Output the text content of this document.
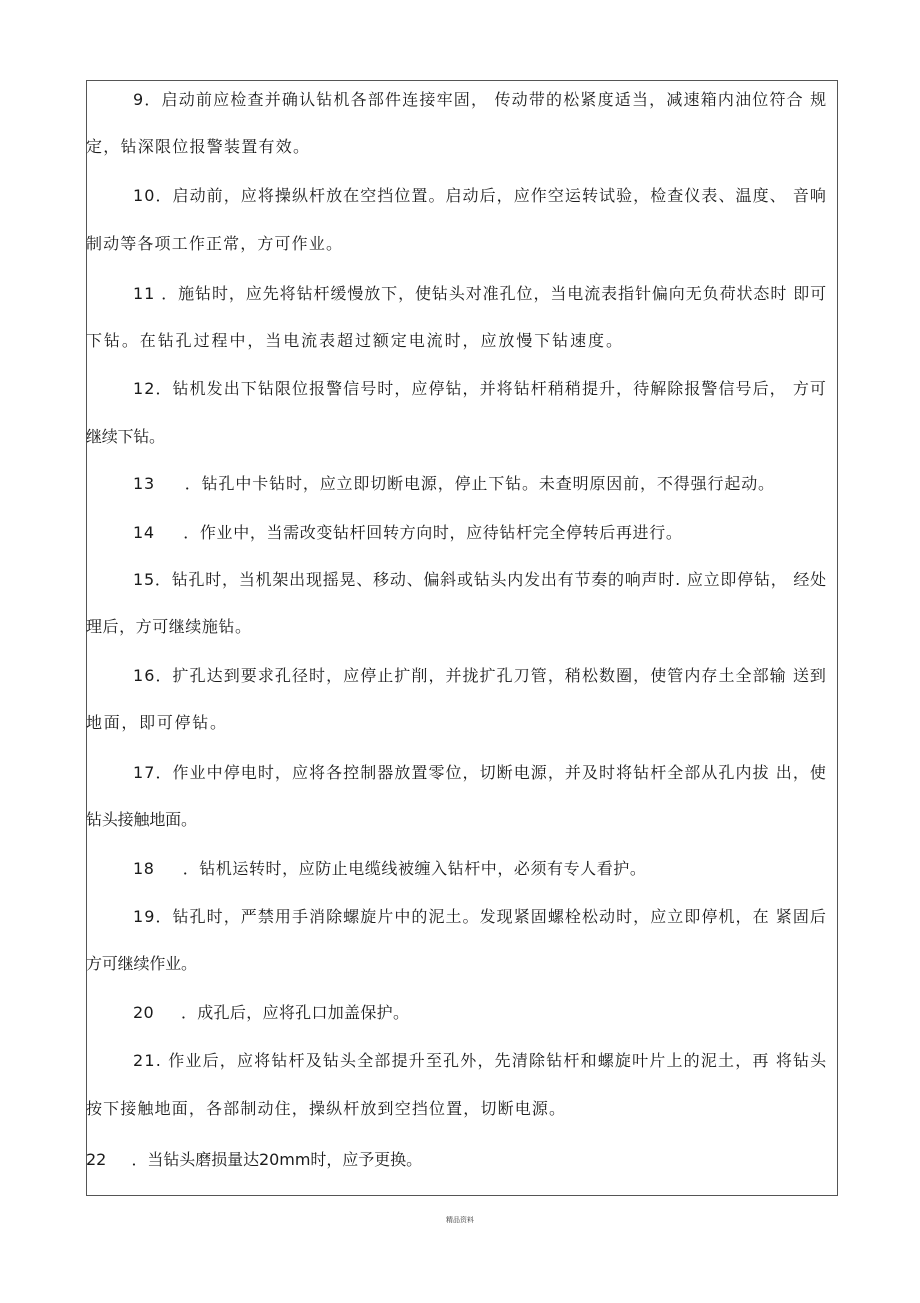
9．启动前应检查并确认钻机各部件连接牢固， 传动带的松紧度适当，减速箱内油位符合 规
定，钻深限位报警装置有效。
10．启动前，应将操纵杆放在空挡位置。启动后，应作空运转试验，检查仪表、温度、 音响
制动等各项工作正常，方可作业。
11 ．施钻时，应先将钻杆缓慢放下，使钻头对准孔位，当电流表指针偏向无负荷状态时 即可
下钻。在钻孔过程中，当电流表超过额定电流时，应放慢下钻速度。
12．钻机发出下钻限位报警信号时，应停钻，并将钻杆稍稍提升，待解除报警信号后， 方可
继续下钻。
13     ．钻孔中卡钻时，应立即切断电源，停止下钻。未查明原因前，不得强行起动。
14     ．作业中，当需改变钻杆回转方向时，应待钻杆完全停转后再进行。
15．钻孔时，当机架出现摇晃、移动、偏斜或钻头内发出有节奏的响声时. 应立即停钻， 经处
理后，方可继续施钻。
16．扩孔达到要求孔径时，应停止扩削，并拢扩孔刀管，稍松数圈，使管内存土全部输 送到
地面，即可停钻。
17．作业中停电时，应将各控制器放置零位，切断电源，并及时将钻杆全部从孔内拔 出，使
钻头接触地面。
18     ．钻机运转时，应防止电缆线被缠入钻杆中，必须有专人看护。
19．钻孔时，严禁用手消除螺旋片中的泥土。发现紧固螺栓松动时，应立即停机，在 紧固后
方可继续作业。
20     ．成孔后，应将孔口加盖保护。
21. 作业后，应将钻杆及钻头全部提升至孔外，先清除钻杆和螺旋叶片上的泥土，再 将钻头
按下接触地面，各部制动住，操纵杆放到空挡位置，切断电源。
22     ．当钻头磨损量达20mm时，应予更换。
精品资料
